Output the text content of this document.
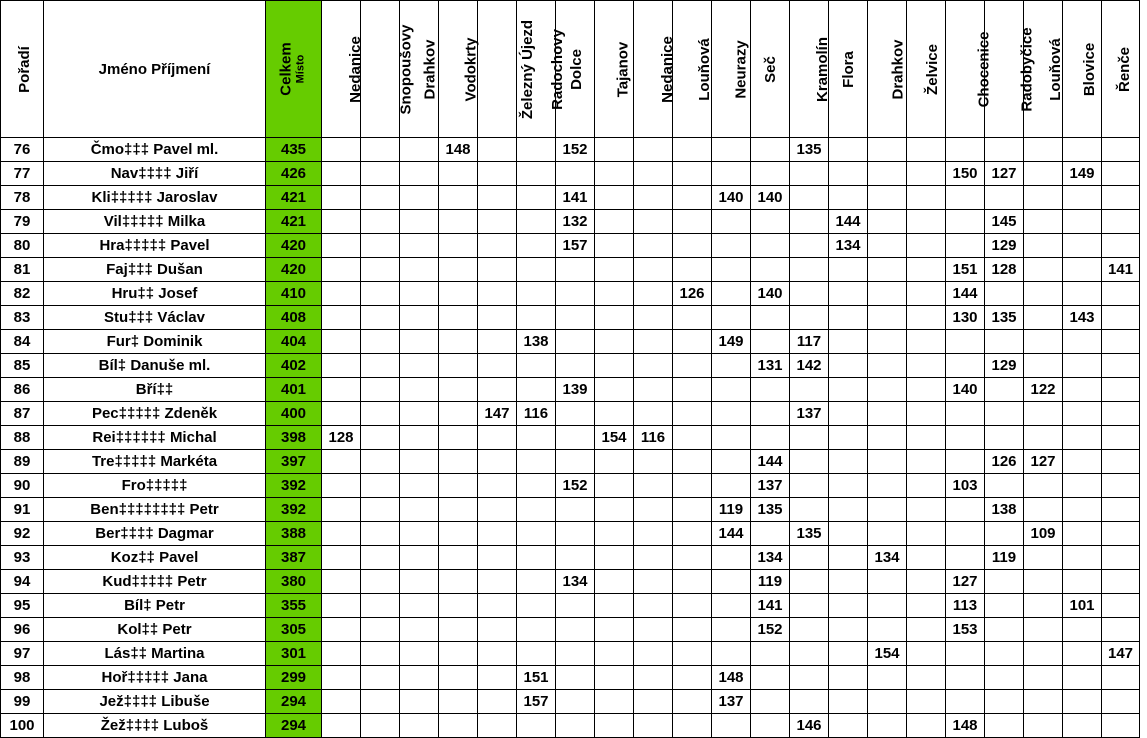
Pořadí	Jméno Příjmení	Celkem Místo	Nedanice	Snopoušovy	Drahkov	Vodokrty	Železný Újezd	Radochovy	Dolce	Tajanov	Nedanice	Louňová	Neurazy	Seč	Kramolín	Flora	Drahkov	Želvice	Chocenice	Radobyčice	Louňová	Blovice	Řenče
76	Čmo‡‡‡ Pavel ml.	435				148			152						135								
77	Nav‡‡‡‡ Jiří	426																	150	127		149	
78	Kli‡‡‡‡‡ Jaroslav	421							141				140	140									
79	Vil‡‡‡‡‡ Milka	421							132							144				145			
80	Hra‡‡‡‡‡ Pavel	420							157							134				129			
81	Faj‡‡‡ Dušan	420																	151	128			141
82	Hru‡‡ Josef	410										126		140					144				
83	Stu‡‡‡ Václav	408																	130	135		143	
84	Fur‡ Dominik	404						138					149		117								
85	Bíl‡ Danuše ml.	402												131	142					129			
86	Bří‡‡	401							139										140		122		
87	Pec‡‡‡‡‡ Zdeněk	400					147	116							137								
88	Rei‡‡‡‡‡‡ Michal	398	128							154	116												
89	Tre‡‡‡‡‡ Markéta	397												144						126	127		
90	Fro‡‡‡‡‡	392							152					137					103				
91	Ben‡‡‡‡‡‡‡‡ Petr	392											119	135						138			
92	Ber‡‡‡‡ Dagmar	388											144		135						109		
93	Koz‡‡ Pavel	387												134			134			119			
94	Kud‡‡‡‡‡ Petr	380							134					119					127				
95	Bíl‡ Petr	355												141					113			101	
96	Kol‡‡ Petr	305												152					153				
97	Lás‡‡ Martina	301															154						147
98	Hoř‡‡‡‡‡ Jana	299						151					148										
99	Jež‡‡‡‡ Libuše	294						157					137										
100	Žež‡‡‡‡ Luboš	294													146				148				
